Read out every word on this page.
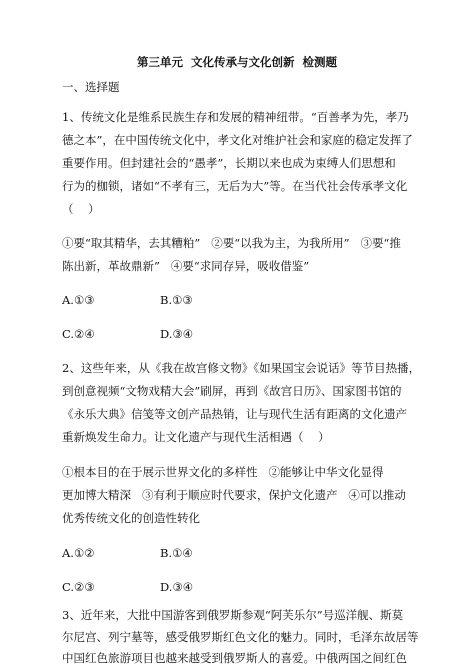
第三单元  文化传承与文化创新  检测题
一、选择题
1、传统文化是维系民族生存和发展的精神纽带。“百善孝为先，孝乃
德之本”，在中国传统文化中，孝文化对维护社会和家庭的稳定发挥了
重要作用。但封建社会的“愚孝”，长期以来也成为束缚人们思想和
行为的枷锁，诸如“不孝有三，无后为大”等。在当代社会传承孝文化
（    ）
①要“取其精华，去其糟粕”   ②要“以我为主，为我所用”   ③要“推
陈出新，革故鼎新”   ④要“求同存异，吸收借鉴”
A.①③	B.①③
C.②④	D.③④
2、这些年来，从《我在故宫修文物》《如果国宝会说话》等节目热播，
到创意视频“文物戏精大会”刷屏，再到《故宫日历》、国家图书馆的
《永乐大典》信笺等文创产品热销，让与现代生活有距离的文化遗产
重新焕发生命力。让文化遗产与现代生活相遇（    ）
①根本目的在于展示世界文化的多样性   ②能够让中华文化显得
更加博大精深   ③有利于顺应时代要求，保护文化遗产   ④可以推动
优秀传统文化的创造性转化
A.①②	B.①④
C.②③	D.③④
3、近年来，大批中国游客到俄罗斯参观“阿芙乐尔”号巡洋舰、斯莫
尔尼宫、列宁墓等，感受俄罗斯红色文化的魅力。同时，毛泽东故居等
中国红色旅游项目也越来越受到俄罗斯人的喜爱。中俄两国之间红色
